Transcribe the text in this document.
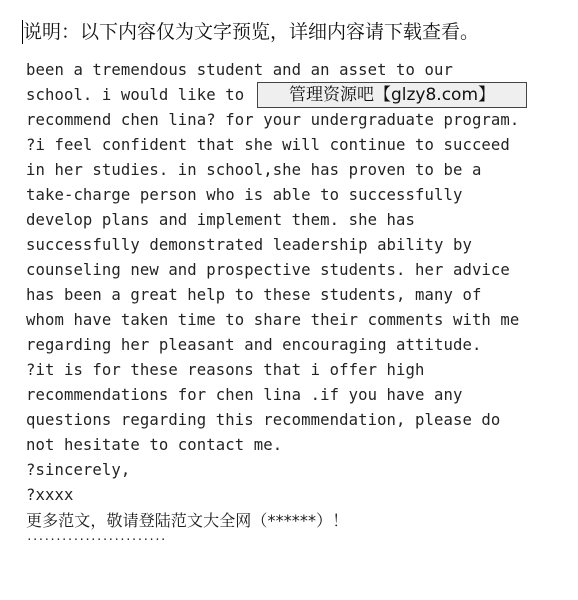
说明：以下内容仅为文字预览，详细内容请下载查看。
been a tremendous student and an asset to our
school. i would like to
recommend chen lina? for your undergraduate program.
?i feel confident that she will continue to succeed
in her studies. in school,she has proven to be a
take-charge person who is able to successfully
develop plans and implement them. she has
successfully demonstrated leadership ability by
counseling new and prospective students. her advice
has been a great help to these students, many of
whom have taken time to share their comments with me
regarding her pleasant and encouraging attitude.
?it is for these reasons that i offer high
recommendations for chen lina .if you have any
questions regarding this recommendation, please do
not hesitate to contact me.
?sincerely,
?xxxx
更多范文，敬请登陆范文大全网（******）！
························
管理资源吧【glzy8.com】
